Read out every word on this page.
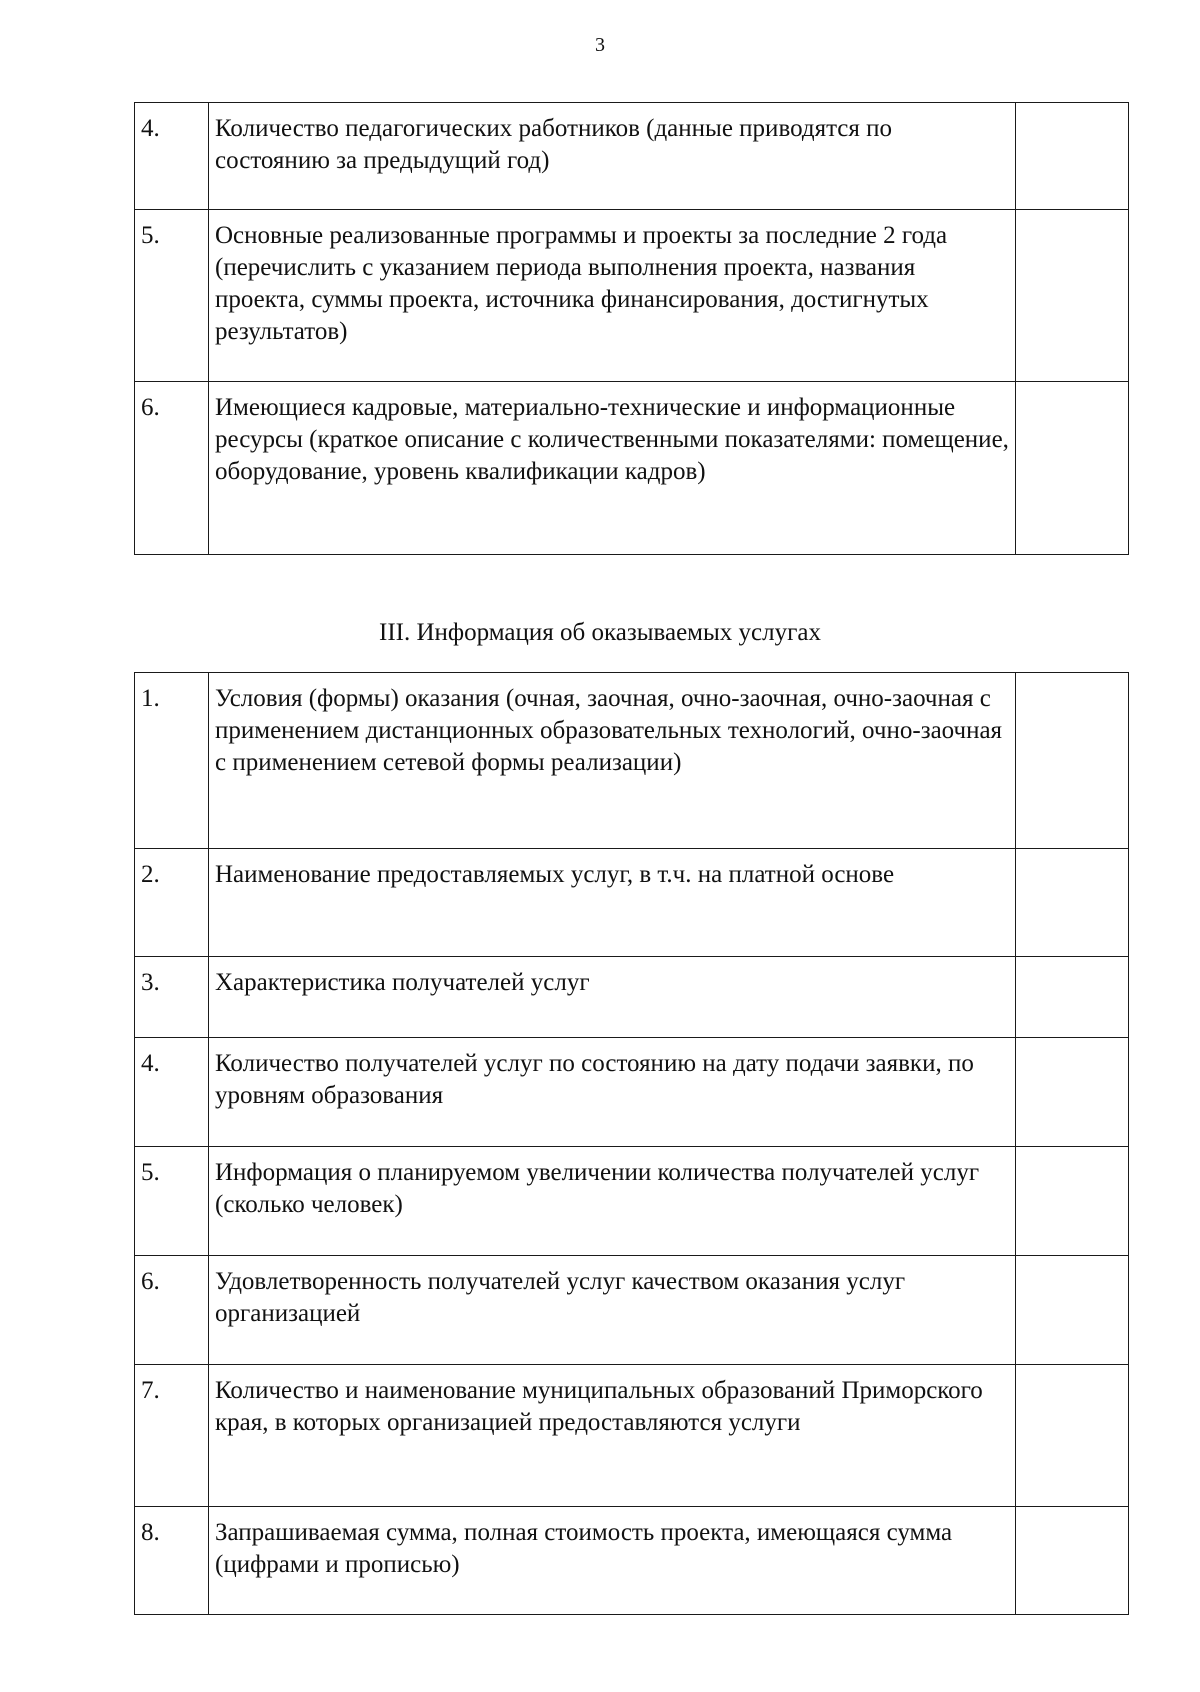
3
4.	Количество педагогических работников (данные приводятся по состоянию за предыдущий год)	
5.	Основные реализованные программы и проекты за последние 2 года (перечислить с указанием периода выполнения проекта, названия проекта, суммы проекта, источника финансирования, достигнутых результатов)	
6.	Имеющиеся кадровые, материально-технические и информационные ресурсы (краткое описание с количественными показателями: помещение, оборудование, уровень квалификации кадров)	
III. Информация об оказываемых услугах
1.	Условия (формы) оказания (очная, заочная, очно-заочная, очно-заочная с применением дистанционных образовательных технологий, очно-заочная с применением сетевой формы реализации)	
2.	Наименование предоставляемых услуг, в т.ч. на платной основе	
3.	Характеристика получателей услуг	
4.	Количество получателей услуг по состоянию на дату подачи заявки, по уровням образования	
5.	Информация о планируемом увеличении количества получателей услуг (сколько человек)	
6.	Удовлетворенность получателей услуг качеством оказания услуг организацией	
7.	Количество и наименование муниципальных образований Приморского края, в которых организацией предоставляются услуги	
8.	Запрашиваемая сумма, полная стоимость проекта, имеющаяся сумма (цифрами и прописью)	
